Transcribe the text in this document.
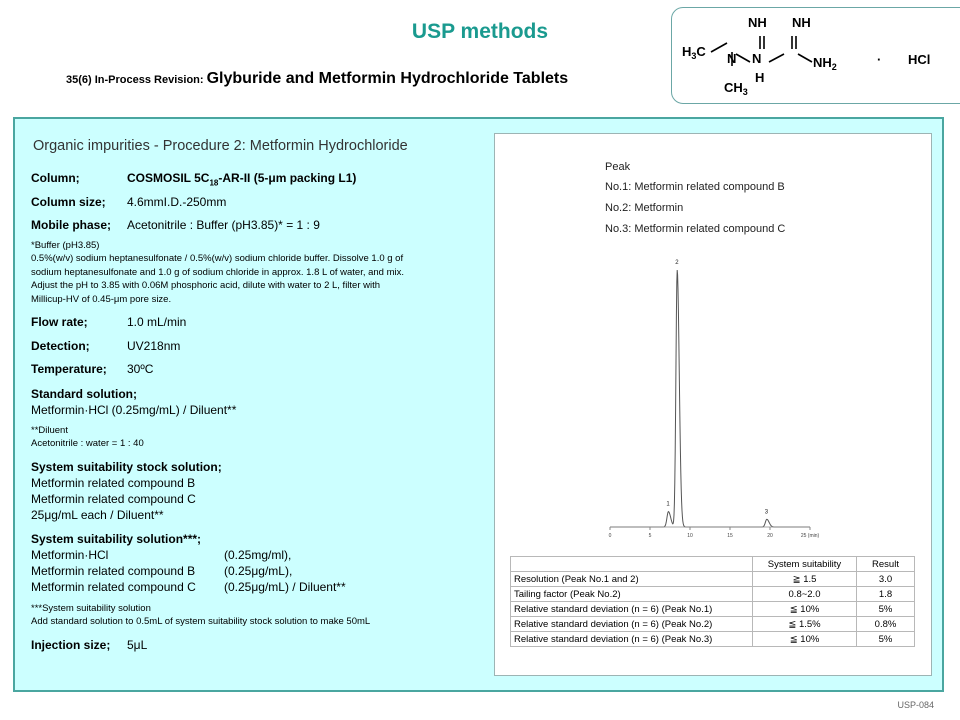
USP methods
35(6) In-Process Revision: Glyburide and Metformin Hydrochloride Tablets
NH NH
$H_3C$ N N
H
$NH_2$
$CH_3$
· HCl
Organic impurities - Procedure 2: Metformin Hydrochloride
Column;	COSMOSIL $5C_{18}-AR-II$ (5-μm packing L1)
Column size; 4.6mmI.D.-250mm
Mobile phase; Acetonitrile : Buffer (pH3.85)* = 1 : 9
*Buffer (pH3.85)
0.5%(w/v) sodium heptanesulfonate / 0.5%(w/v) sodium chloride buffer. Dissolve 1.0 g of
sodium heptanesulfonate and 1.0 g of sodium chloride in approx. 1.8 L of water, and mix.
Adjust the pH to 3.85 with 0.06M phosphoric acid, dilute with water to 2 L, filter with
Millicup-HV of 0.45-μm pore size.
Flow rate;	1.0 mL/min
Detection;	UV218nm
Temperature; 30ºC
Standard solution;
Metformin·HCl (0.25mg/mL) / Diluent**
**Diluent
Acetonitrile : water = 1 : 40
System suitability stock solution;
Metformin related compound B
Metformin related compound C
25μg/mL each / Diluent**
System suitability solution***;
Metformin·HCl	(0.25mg/ml),
Metformin related compound B (0.25μg/mL),
Metformin related compound C (0.25μg/mL) / Diluent**
***System suitability solution
Add standard solution to 0.5mL of system suitability stock solution to make 50mL
Injection size; 5μL
Peak
No.1: Metformin related compound B
No.2: Metformin
No.3: Metformin related compound C
0	5	10	15	20	25 (min)
1
2
3
	System suitability	Result
Resolution (Peak No.1 and 2)	≧ 1.5	3.0
Tailing factor (Peak No.2)	0.8~2.0	1.8
Relative standard deviation (n = 6) (Peak No.1)	≦ 10%	5%
Relative standard deviation (n = 6) (Peak No.2)	≦ 1.5%	0.8%
Relative standard deviation (n = 6) (Peak No.3)	≦ 10%	5%
USP-084
